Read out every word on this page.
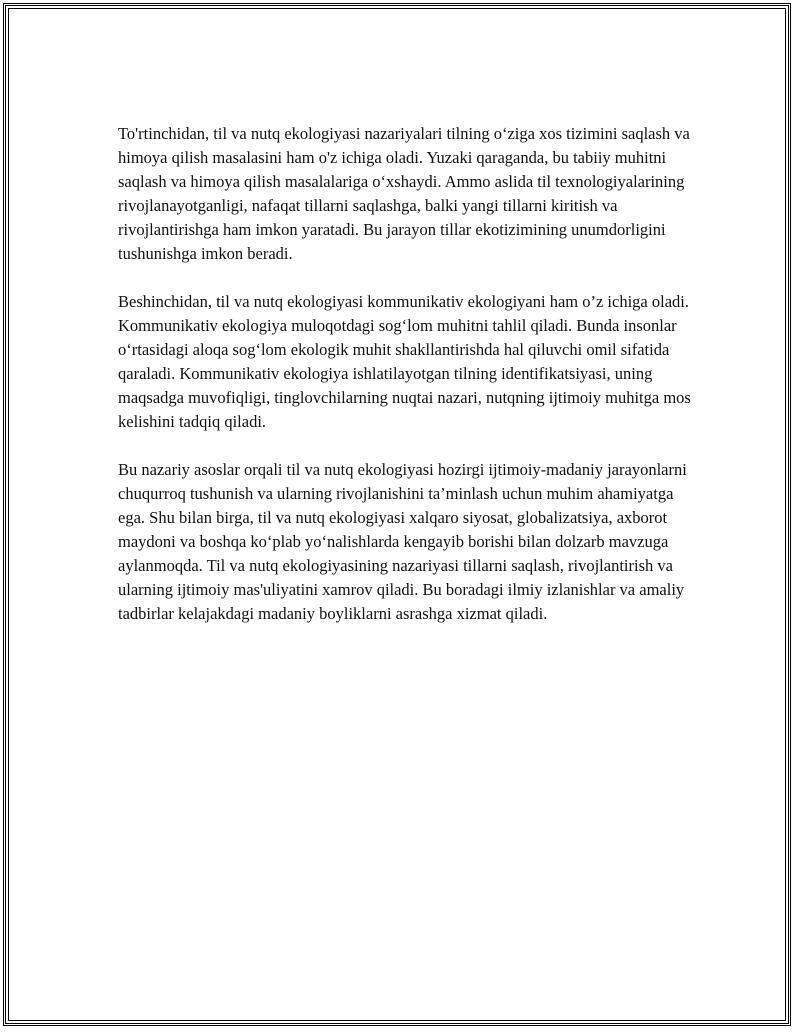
To'rtinchidan, til va nutq ekologiyasi nazariyalari tilning o‘ziga xos tizimini saqlash va himoya qilish masalasini ham o'z ichiga oladi. Yuzaki qaraganda, bu tabiiy muhitni saqlash va himoya qilish masalalariga o‘xshaydi. Ammo aslida til texnologiyalarining rivojlanayotganligi, nafaqat tillarni saqlashga, balki yangi tillarni kiritish va rivojlantirishga ham imkon yaratadi. Bu jarayon tillar ekotizimining unumdorligini tushunishga imkon beradi.

Beshinchidan, til va nutq ekologiyasi kommunikativ ekologiyani ham o’z ichiga oladi. Kommunikativ ekologiya muloqotdagi sog‘lom muhitni tahlil qiladi. Bunda insonlar o‘rtasidagi aloqa sog‘lom ekologik muhit shakllantirishda hal qiluvchi omil sifatida qaraladi. Kommunikativ ekologiya ishlatilayotgan tilning identifikatsiyasi, uning maqsadga muvofiqligi, tinglovchilarning nuqtai nazari, nutqning ijtimoiy muhitga mos kelishini tadqiq qiladi.

Bu nazariy asoslar orqali til va nutq ekologiyasi hozirgi ijtimoiy-madaniy jarayonlarni chuqurroq tushunish va ularning rivojlanishini ta’minlash uchun muhim ahamiyatga ega. Shu bilan birga, til va nutq ekologiyasi xalqaro siyosat, globalizatsiya, axborot maydoni va boshqa ko‘plab yo‘nalishlarda kengayib borishi bilan dolzarb mavzuga aylanmoqda. Til va nutq ekologiyasining nazariyasi tillarni saqlash, rivojlantirish va ularning ijtimoiy mas'uliyatini xamrov qiladi. Bu boradagi ilmiy izlanishlar va amaliy tadbirlar kelajakdagi madaniy boyliklarni asrashga xizmat qiladi.
